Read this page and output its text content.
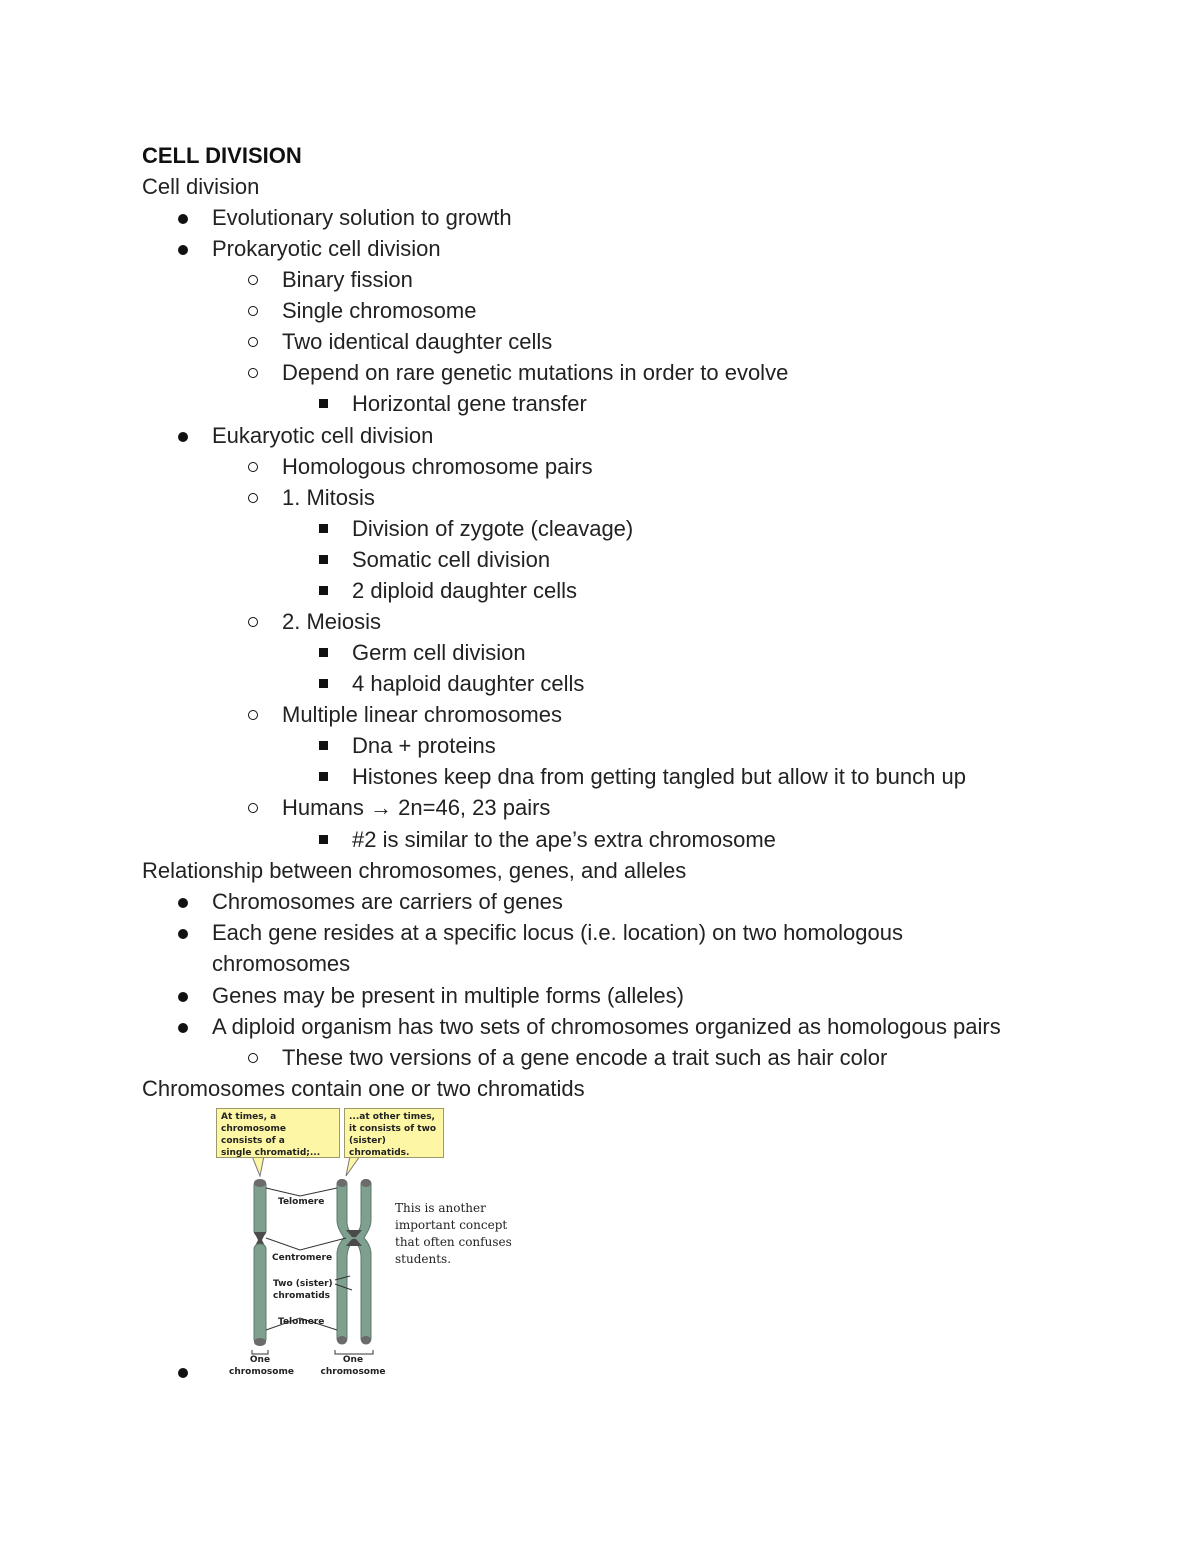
CELL DIVISION
Cell division
Evolutionary solution to growth
Prokaryotic cell division
Binary fission
Single chromosome
Two identical daughter cells
Depend on rare genetic mutations in order to evolve
Horizontal gene transfer
Eukaryotic cell division
Homologous chromosome pairs
1. Mitosis
Division of zygote (cleavage)
Somatic cell division
2 diploid daughter cells
2. Meiosis
Germ cell division
4 haploid daughter cells
Multiple linear chromosomes
Dna + proteins
Histones keep dna from getting tangled but allow it to bunch up
Humans → 2n=46, 23 pairs
#2 is similar to the ape’s extra chromosome
Relationship between chromosomes, genes, and alleles
Chromosomes are carriers of genes
Each gene resides at a specific locus (i.e. location) on two homologous
chromosomes
Genes may be present in multiple forms (alleles)
A diploid organism has two sets of chromosomes organized as homologous pairs
These two versions of a gene encode a trait such as hair color
Chromosomes contain one or two chromatids
At times, a chromosome
consists of a
single chromatid;...
...at other times,
it consists of two
(sister) chromatids.
Telomere
Centromere
Two (sister)
chromatids
Telomere
One
chromosome
One
chromosome
This is another
important concept
that often confuses
students.
